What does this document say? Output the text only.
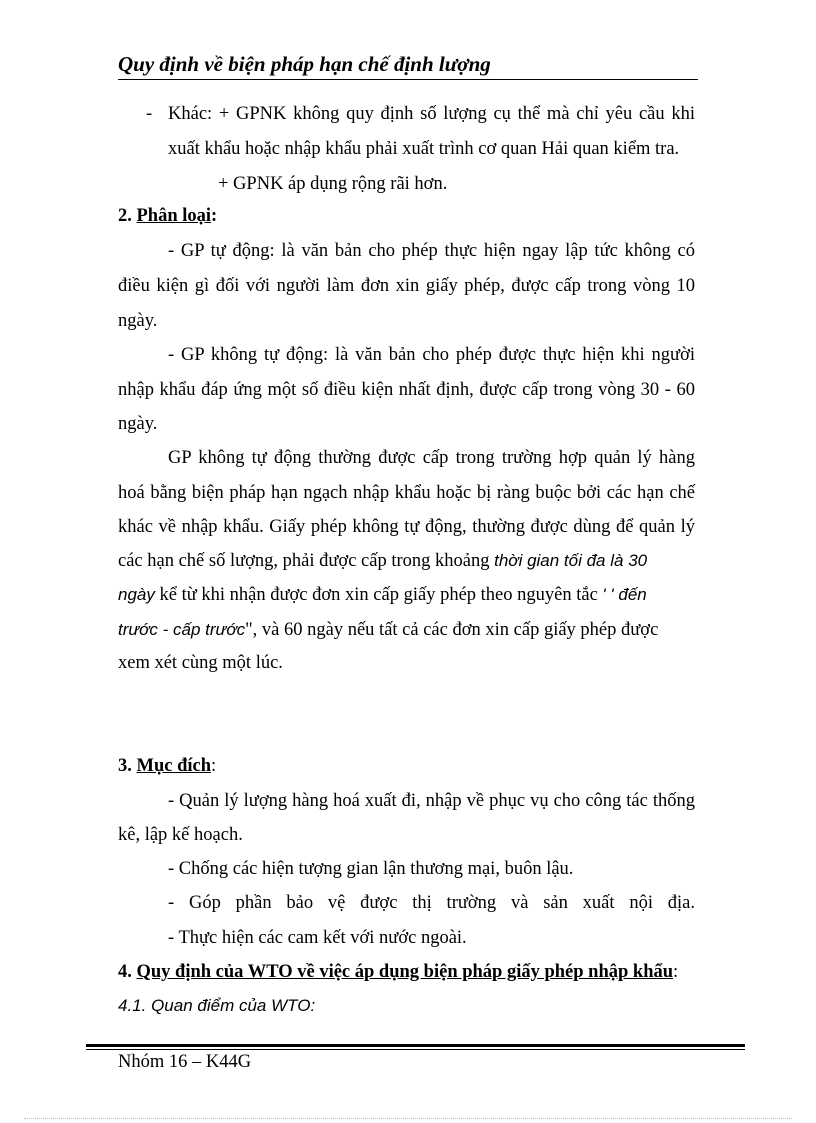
Quy định về biện pháp hạn chế định lượng
- Khác: + GPNK không quy định số lượng cụ thể mà chỉ yêu cầu khi
xuất khẩu hoặc nhập khẩu phải xuất trình cơ quan Hải quan kiểm tra.
+ GPNK áp dụng rộng rãi hơn.
2. Phân loại:
- GP tự động: là văn bản cho phép thực hiện ngay lập tức không có
điều kiện gì đối với người làm đơn xin giấy phép, được cấp trong vòng 10
ngày.
- GP không tự động: là văn bản cho phép được thực hiện khi người
nhập khẩu đáp ứng một số điều kiện nhất định, được cấp trong vòng 30 - 60
ngày.
GP không tự động thường được cấp trong trường hợp quản lý hàng
hoá bằng biện pháp hạn ngạch nhập khẩu hoặc bị ràng buộc bởi các hạn chế
khác về nhập khẩu. Giấy phép không tự động, thường được dùng để quản lý
các hạn chế số lượng, phải được cấp trong khoảng thời gian tối đa là 30
ngày kể từ khi nhận được đơn xin cấp giấy phép theo nguyên tắc ' ' đến
trước - cấp trước", và 60 ngày nếu tất cả các đơn xin cấp giấy phép được
xem xét cùng một lúc.
3. Mục đích:
- Quản lý lượng hàng hoá xuất đi, nhập về phục vụ cho công tác thống
kê, lập kế hoạch.
- Chống các hiện tượng gian lận thương mại, buôn lậu.
- Góp phần bảo vệ được thị trường và sản xuất nội địa.
- Thực hiện các cam kết với nước ngoài.
4. Quy định của WTO về việc áp dụng biện pháp giấy phép nhập khẩu:
4.1. Quan điểm của WTO:
Nhóm 16 – K44G
